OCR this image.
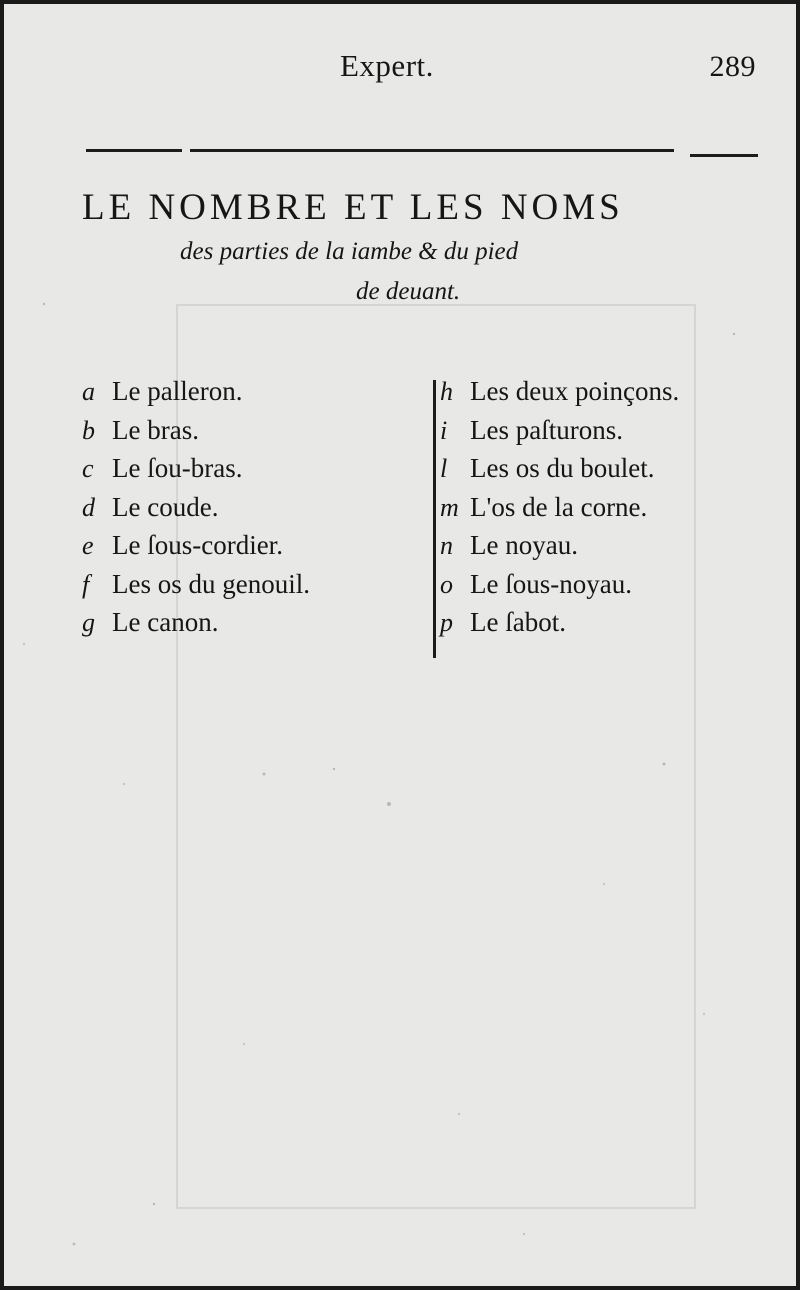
Expert.	289
LE NOMBRE ET LES NOMS
des parties de la iambe & du pied
de deuant.
a Le palleron.
b Le bras.
c Le ſou-bras.
d Le coude.
e Le ſous-cordier.
f Les os du genouil.
g Le canon.
h Les deux poinçons.
i Les paſturons.
l Les os du boulet.
m L'os de la corne.
n Le noyau.
o Le ſous-noyau.
p Le ſabot.
